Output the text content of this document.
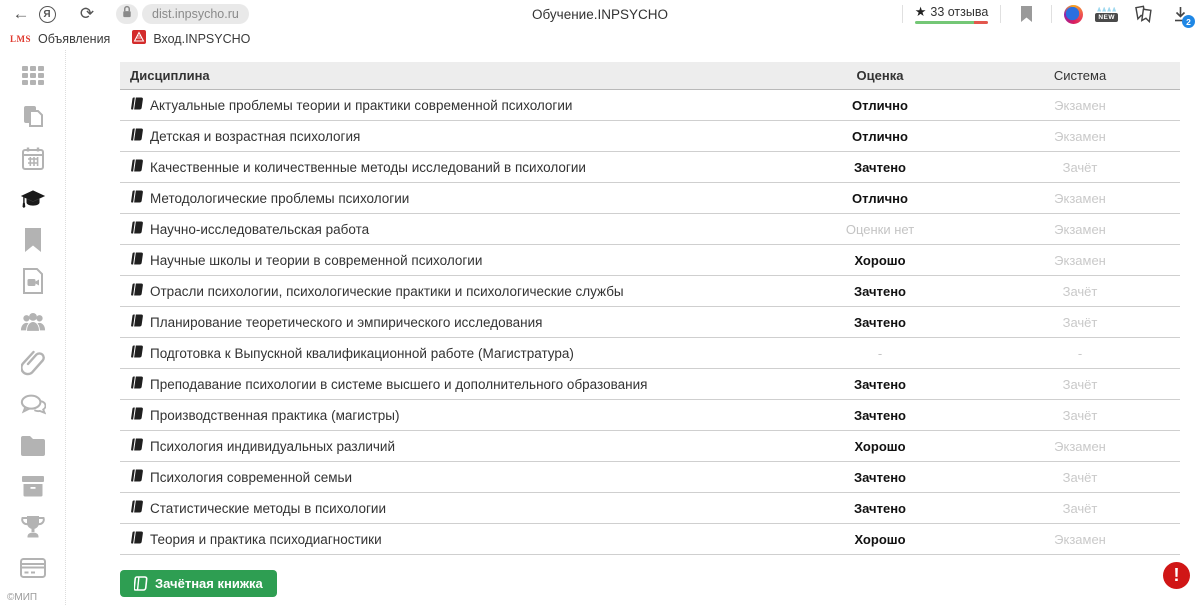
←	Я	⟳	dist.inpsycho.ru	Обучение.INPSYCHO	★ 33 отзыва	NEW	2
LMS Объявления	Вход.INPSYCHO
©МИП
Дисциплина	Оценка	Система
Актуальные проблемы теории и практики современной психологии	Отлично	Экзамен
Детская и возрастная психология	Отлично	Экзамен
Качественные и количественные методы исследований в психологии	Зачтено	Зачёт
Методологические проблемы психологии	Отлично	Экзамен
Научно-исследовательская работа	Оценки нет	Экзамен
Научные школы и теории в современной психологии	Хорошо	Экзамен
Отрасли психологии, психологические практики и психологические службы	Зачтено	Зачёт
Планирование теоретического и эмпирического исследования	Зачтено	Зачёт
Подготовка к Выпускной квалификационной работе (Магистратура)	-	-
Преподавание психологии в системе высшего и дополнительного образования	Зачтено	Зачёт
Производственная практика (магистры)	Зачтено	Зачёт
Психология индивидуальных различий	Хорошо	Экзамен
Психология современной семьи	Зачтено	Зачёт
Статистические методы в психологии	Зачтено	Зачёт
Теория и практика психодиагностики	Хорошо	Экзамен
Зачётная книжка	!
